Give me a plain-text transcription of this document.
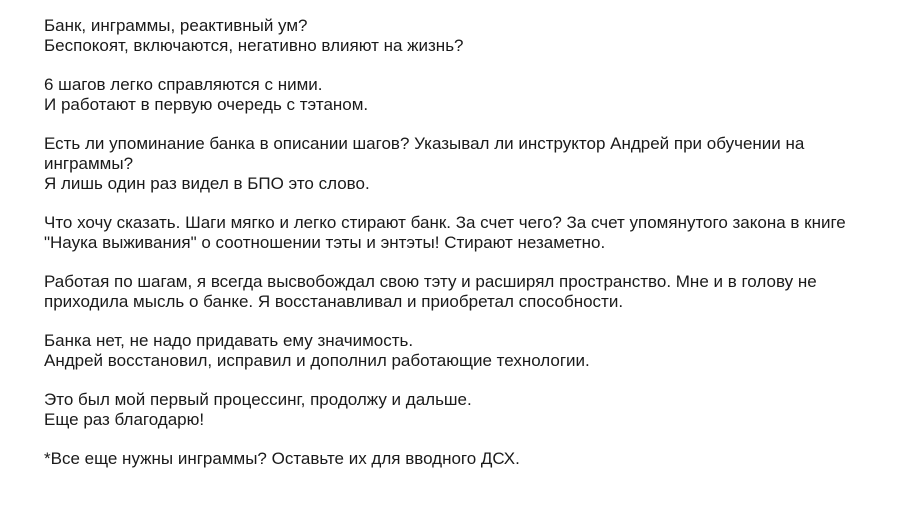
Банк, инграммы, реактивный ум?
Беспокоят, включаются, негативно влияют на жизнь?

6 шагов легко справляются с ними.
И работают в первую очередь с тэтаном.

Есть ли упоминание банка в описании шагов? Указывал ли инструктор Андрей при обучении на
инграммы?
Я лишь один раз видел в БПО это слово.

Что хочу сказать. Шаги мягко и легко стирают банк. За счет чего? За счет упомянутого закона в книге
"Наука выживания" о соотношении тэты и энтэты! Стирают незаметно.

Работая по шагам, я всегда высвобождал свою тэту и расширял пространство. Мне и в голову не
приходила мысль о банке. Я восстанавливал и приобретал способности.

Банка нет, не надо придавать ему значимость.
Андрей восстановил, исправил и дополнил работающие технологии.

Это был мой первый процессинг, продолжу и дальше.
Еще раз благодарю!

*Все еще нужны инграммы? Оставьте их для вводного ДСХ.
